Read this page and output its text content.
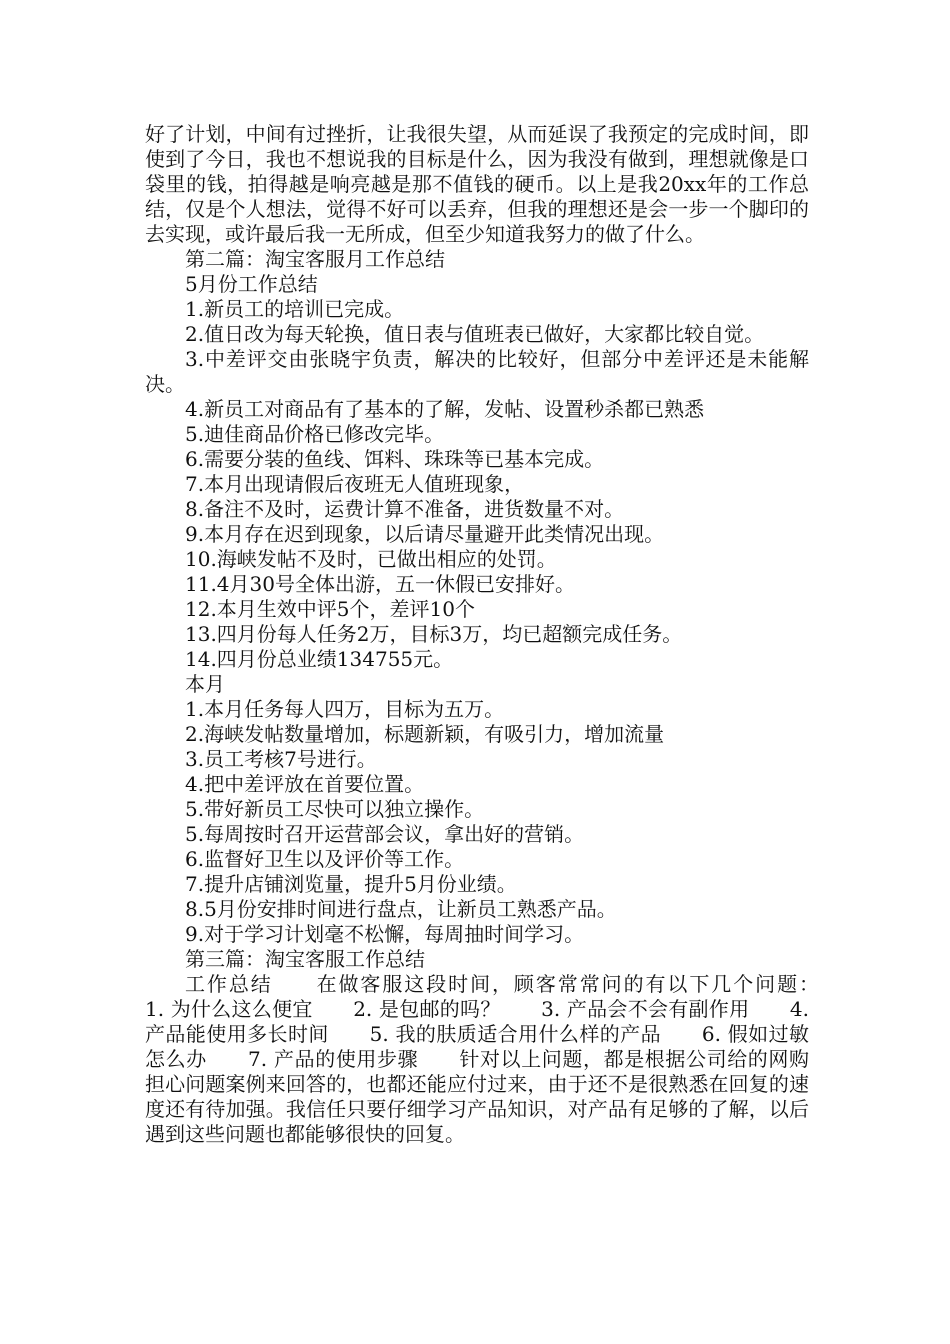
好了计划，中间有过挫折，让我很失望，从而延误了我预定的完成时间，即使到了今日，我也不想说我的目标是什么，因为我没有做到，理想就像是口袋里的钱，拍得越是响亮越是那不值钱的硬币。以上是我20xx年的工作总结，仅是个人想法，觉得不好可以丢弃，但我的理想还是会一步一个脚印的去实现，或许最后我一无所成，但至少知道我努力的做了什么。

第二篇：淘宝客服月工作总结

5月份工作总结

1.新员工的培训已完成。

2.值日改为每天轮换，值日表与值班表已做好，大家都比较自觉。

3.中差评交由张晓宇负责，解决的比较好，但部分中差评还是未能解决。

4.新员工对商品有了基本的了解，发帖、设置秒杀都已熟悉

5.迪佳商品价格已修改完毕。

6.需要分装的鱼线、饵料、珠珠等已基本完成。

7.本月出现请假后夜班无人值班现象，

8.备注不及时，运费计算不准备，进货数量不对。

9.本月存在迟到现象，以后请尽量避开此类情况出现。

10.海峡发帖不及时，已做出相应的处罚。

11.4月30号全体出游，五一休假已安排好。

12.本月生效中评5个，差评10个

13.四月份每人任务2万，目标3万，均已超额完成任务。

14.四月份总业绩134755元。

本月

1.本月任务每人四万，目标为五万。

2.海峡发帖数量增加，标题新颖，有吸引力，增加流量

3.员工考核7号进行。

4.把中差评放在首要位置。

5.带好新员工尽快可以独立操作。

5.每周按时召开运营部会议，拿出好的营销。

6.监督好卫生以及评价等工作。

7.提升店铺浏览量，提升5月份业绩。

8.5月份安排时间进行盘点，让新员工熟悉产品。

9.对于学习计划毫不松懈，每周抽时间学习。

第三篇：淘宝客服工作总结

工作总结　　在做客服这段时间，顾客常常问的有以下几个问题：　　1. 为什么这么便宜　　2. 是包邮的吗？　　3. 产品会不会有副作用　　4. 产品能使用多长时间　　5. 我的肤质适合用什么样的产品　　6. 假如过敏怎么办　　7. 产品的使用步骤　　针对以上问题，都是根据公司给的网购担心问题案例来回答的，也都还能应付过来，由于还不是很熟悉在回复的速度还有待加强。我信任只要仔细学习产品知识，对产品有足够的了解，以后遇到这些问题也都能够很快的回复。
